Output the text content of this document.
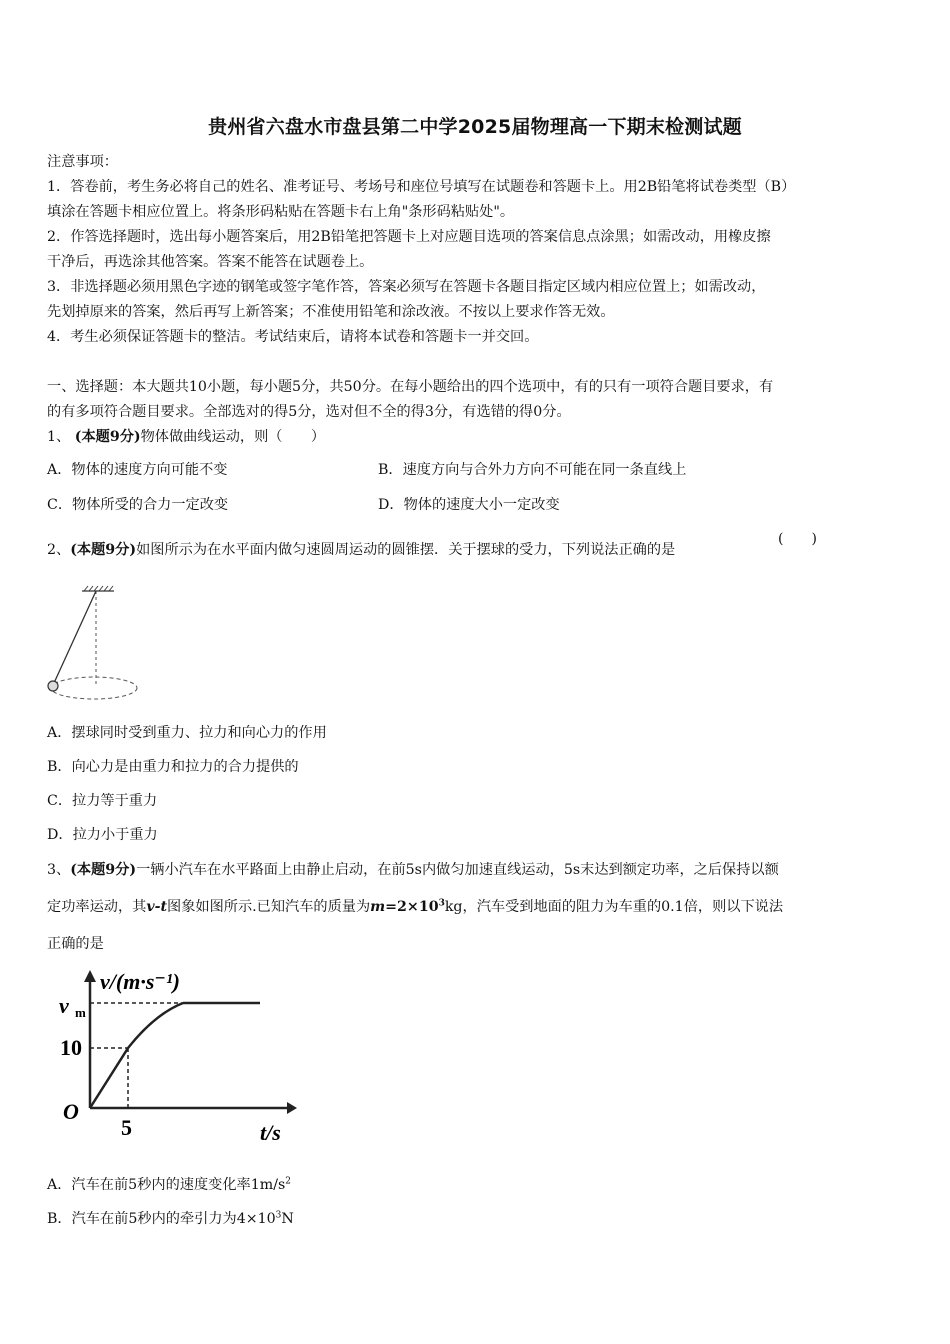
贵州省六盘水市盘县第二中学2025届物理高一下期末检测试题
注意事项：
1．答卷前，考生务必将自己的姓名、准考证号、考场号和座位号填写在试题卷和答题卡上。用2B铅笔将试卷类型（B）
填涂在答题卡相应位置上。将条形码粘贴在答题卡右上角"条形码粘贴处"。
2．作答选择题时，选出每小题答案后，用2B铅笔把答题卡上对应题目选项的答案信息点涂黑；如需改动，用橡皮擦
干净后，再选涂其他答案。答案不能答在试题卷上。
3．非选择题必须用黑色字迹的钢笔或签字笔作答，答案必须写在答题卡各题目指定区域内相应位置上；如需改动，
先划掉原来的答案，然后再写上新答案；不准使用铅笔和涂改液。不按以上要求作答无效。
4．考生必须保证答题卡的整洁。考试结束后，请将本试卷和答题卡一并交回。
一、选择题：本大题共10小题，每小题5分，共50分。在每小题给出的四个选项中，有的只有一项符合题目要求，有
的有多项符合题目要求。全部选对的得5分，选对但不全的得3分，有选错的得0分。
1、 (本题9分)物体做曲线运动，则（　　）
A．物体的速度方向可能不变	B．速度方向与合外力方向不可能在同一条直线上
C．物体所受的合力一定改变	D．物体的速度大小一定改变
2、(本题9分)如图所示为在水平面内做匀速圆周运动的圆锥摆．关于摆球的受力，下列说法正确的是
(　　)
A．摆球同时受到重力、拉力和向心力的作用
B．向心力是由重力和拉力的合力提供的
C．拉力等于重力
D．拉力小于重力
3、(本题9分)一辆小汽车在水平路面上由静止启动，在前5s内做匀加速直线运动，5s末达到额定功率，之后保持以额
定功率运动，其v-t图象如图所示.已知汽车的质量为$m=2\times 10^3kg$，汽车受到地面的阻力为车重的0.1倍，则以下说法
正确的是
v/(m·s⁻¹)
t/s
O
5
10
v m
A．汽车在前5秒内的速度变化率$1m/s^2$
B．汽车在前5秒内的牵引力为$4\times 10^3N$
